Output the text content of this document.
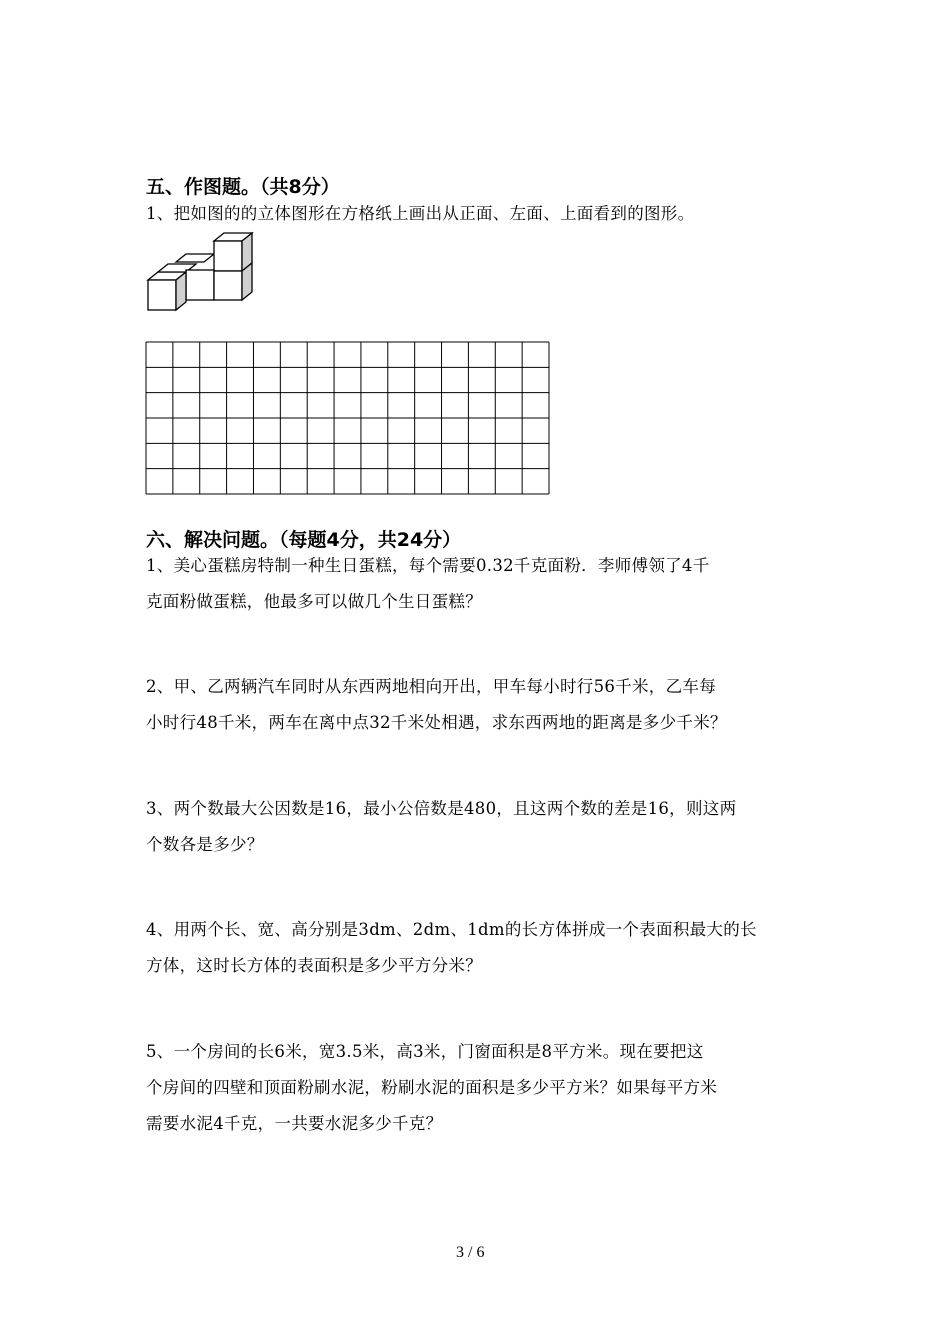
五、作图题。（共8分）
1、把如图的的立体图形在方格纸上画出从正面、左面、上面看到的图形。
六、解决问题。（每题4分，共24分）
1、美心蛋糕房特制一种生日蛋糕，每个需要0.32千克面粉．李师傅领了4千
克面粉做蛋糕，他最多可以做几个生日蛋糕？
2、甲、乙两辆汽车同时从东西两地相向开出，甲车每小时行56千米，乙车每
小时行48千米，两车在离中点32千米处相遇，求东西两地的距离是多少千米？
3、两个数最大公因数是16，最小公倍数是480，且这两个数的差是16，则这两
个数各是多少？
4、用两个长、宽、高分别是3dm、2dm、1dm的长方体拼成一个表面积最大的长
方体，这时长方体的表面积是多少平方分米？
5、一个房间的长6米，宽3.5米，高3米，门窗面积是8平方米。现在要把这
个房间的四壁和顶面粉刷水泥，粉刷水泥的面积是多少平方米？如果每平方米
需要水泥4千克，一共要水泥多少千克？
3 / 6
